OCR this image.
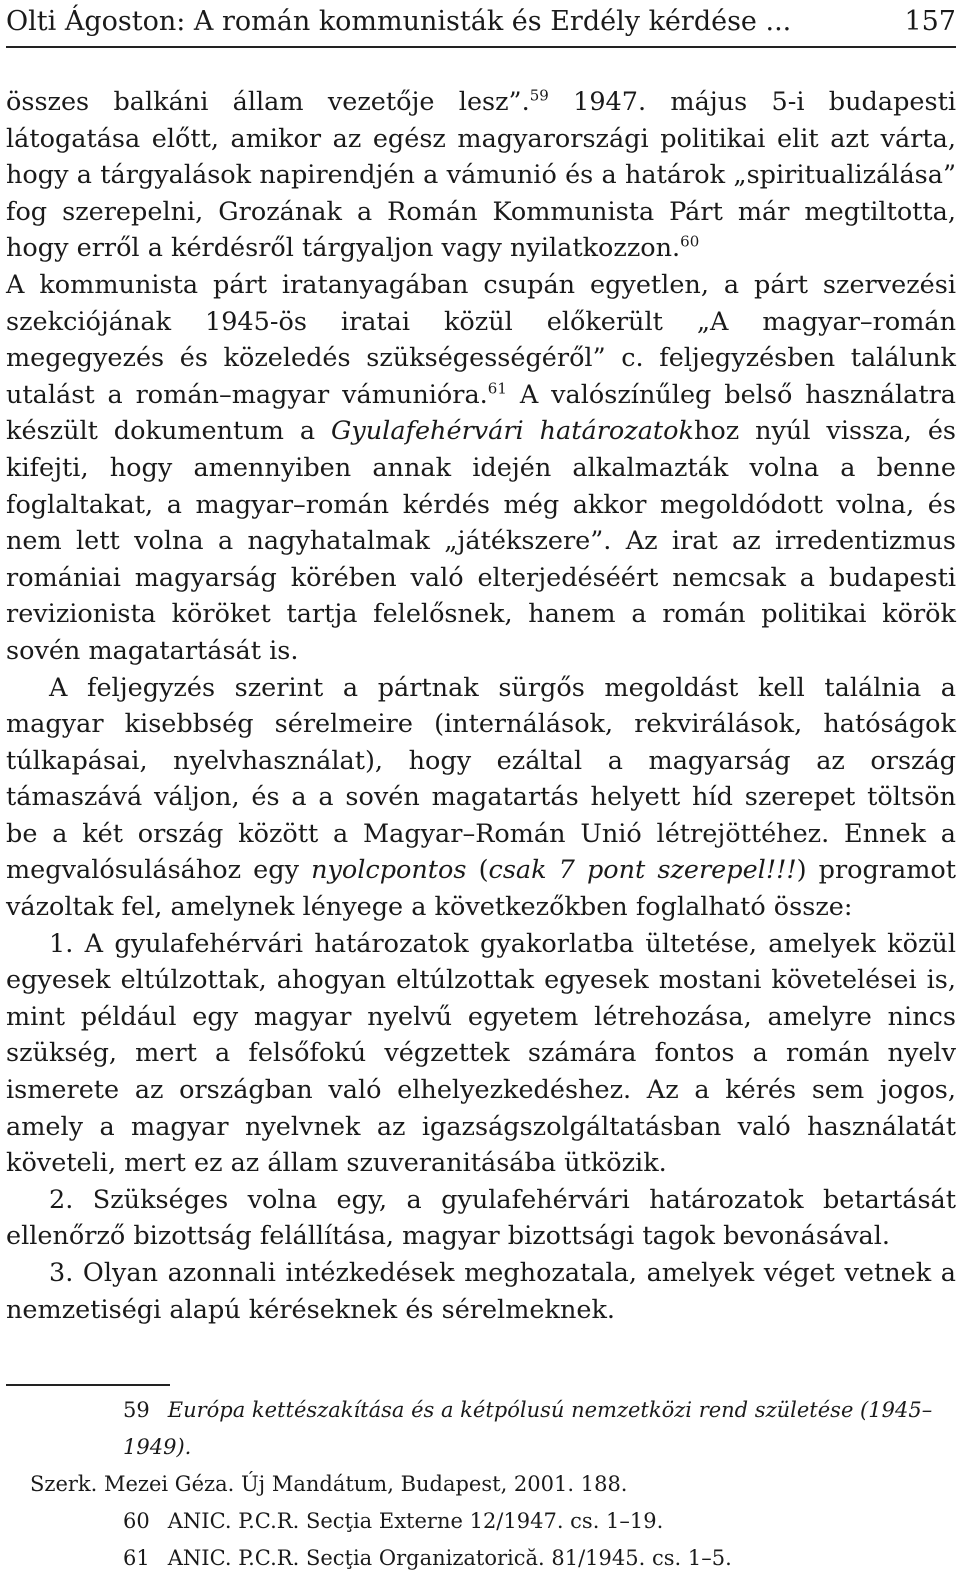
Olti Ágoston: A román kommunisták és Erdély kérdése ...	157

összes balkáni állam vezetője lesz”.$^{59}$ 1947. május 5-i budapesti látogatása előtt, amikor az egész magyarországi politikai elit azt várta, hogy a tárgyalások napirendjén a vámunió és a határok „spiritualizálása” fog szerepelni, Grozának a Román Kommunista Párt már megtiltotta, hogy erről a kérdésről tárgyaljon vagy nyilatkozzon.$^{60}$

A kommunista párt iratanyagában csupán egyetlen, a párt szervezési szekciójának 1945-ös iratai közül előkerült „A magyar–román megegyezés és közeledés szükségességéről” c. feljegyzésben találunk utalást a román–magyar vámunióra.$^{61}$ A valószínűleg belső használatra készült dokumentum a Gyulafehérvári határozatokhoz nyúl vissza, és kifejti, hogy amennyiben annak idején alkalmazták volna a benne foglaltakat, a magyar–román kérdés még akkor megoldódott volna, és nem lett volna a nagyhatalmak „játékszere”. Az irat az irredentizmus romániai magyarság körében való elterjedéséért nemcsak a budapesti revizionista köröket tartja felelősnek, hanem a román politikai körök sovén magatartását is.

A feljegyzés szerint a pártnak sürgős megoldást kell találnia a magyar kisebbség sérelmeire (internálások, rekvirálások, hatóságok túlkapásai, nyelvhasználat), hogy ezáltal a magyarság az ország támaszává váljon, és a a sovén magatartás helyett híd szerepet töltsön be a két ország között a Magyar–Román Unió létrejöttéhez. Ennek a megvalósulásához egy nyolcpontos (csak 7 pont szerepel!!!) programot vázoltak fel, amelynek lényege a következőkben foglalható össze:

1. A gyulafehérvári határozatok gyakorlatba ültetése, amelyek közül egyesek eltúlzottak, ahogyan eltúlzottak egyesek mostani követelései is, mint például egy magyar nyelvű egyetem létrehozása, amelyre nincs szükség, mert a felsőfokú végzettek számára fontos a román nyelv ismerete az országban való elhelyezkedéshez. Az a kérés sem jogos, amely a magyar nyelvnek az igazságszolgáltatásban való használatát követeli, mert ez az állam szuveranitásába ütközik.

2. Szükséges volna egy, a gyulafehérvári határozatok betartását ellenőrző bizottság felállítása, magyar bizottsági tagok bevonásával.

3. Olyan azonnali intézkedések meghozatala, amelyek véget vetnek a nemzetiségi alapú kéréseknek és sérelmeknek.

59 Európa kettészakítása és a kétpólusú nemzetközi rend születése (1945–1949).

Szerk. Mezei Géza. Új Mandátum, Budapest, 2001. 188.

60 ANIC. P.C.R. Secţia Externe 12/1947. cs. 1–19.

61 ANIC. P.C.R. Secţia Organizatorică. 81/1945. cs. 1–5.
